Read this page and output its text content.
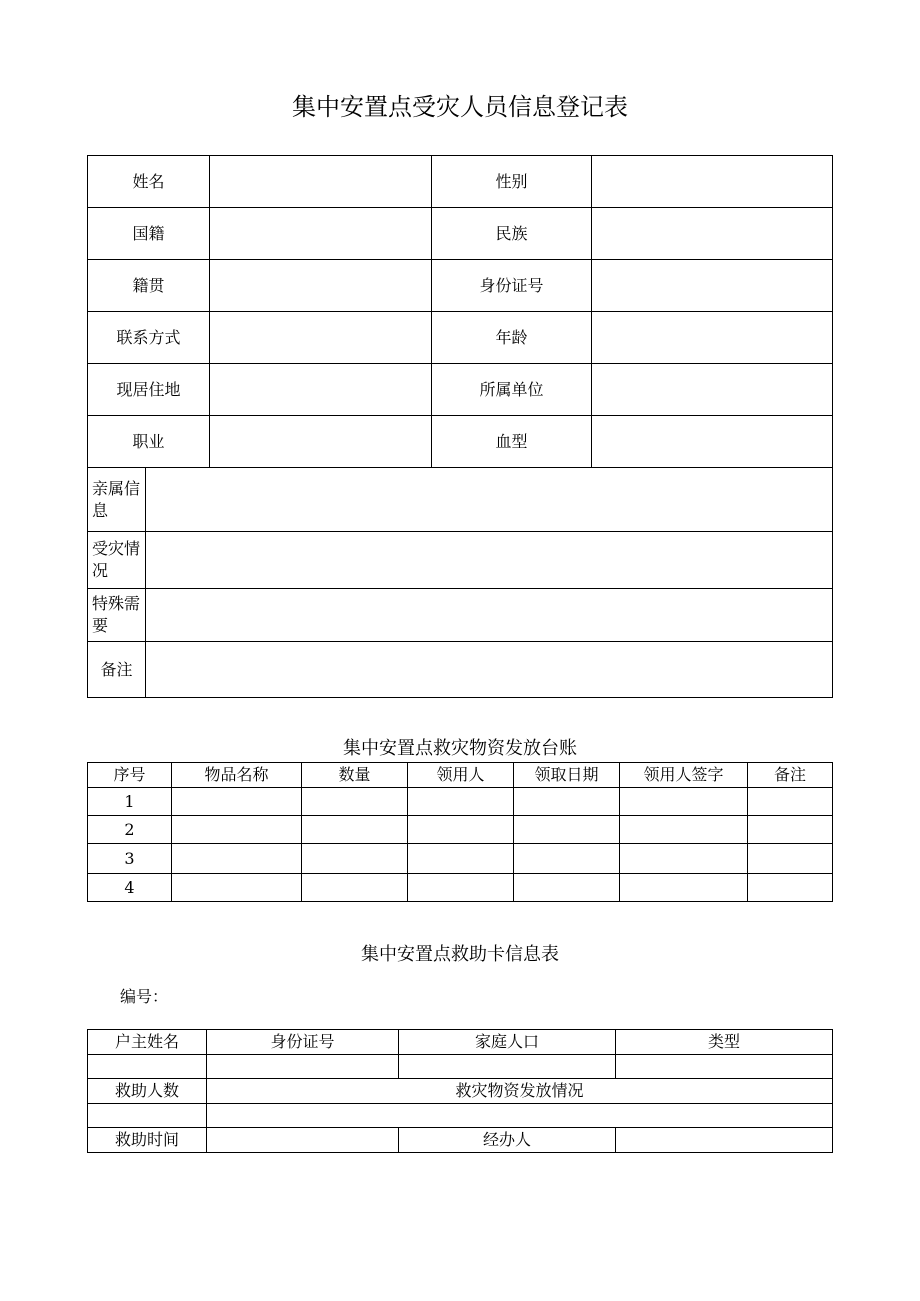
集中安置点受灾人员信息登记表
姓名			性别	
国籍			民族	
籍贯			身份证号	
联系方式			年龄	
现居住地			所属单位	
职业			血型	

亲属信息				

受灾情况				

特殊需要				

备注				
集中安置点救灾物资发放台账
序号	物品名称	数量	领用人	领取日期	领用人签字	备注
1						
2						
3						
4						
集中安置点救助卡信息表
编号：
户主姓名	身份证号	家庭人口	类型

救助人数	救灾物资发放情况		

救助时间		经办人	
